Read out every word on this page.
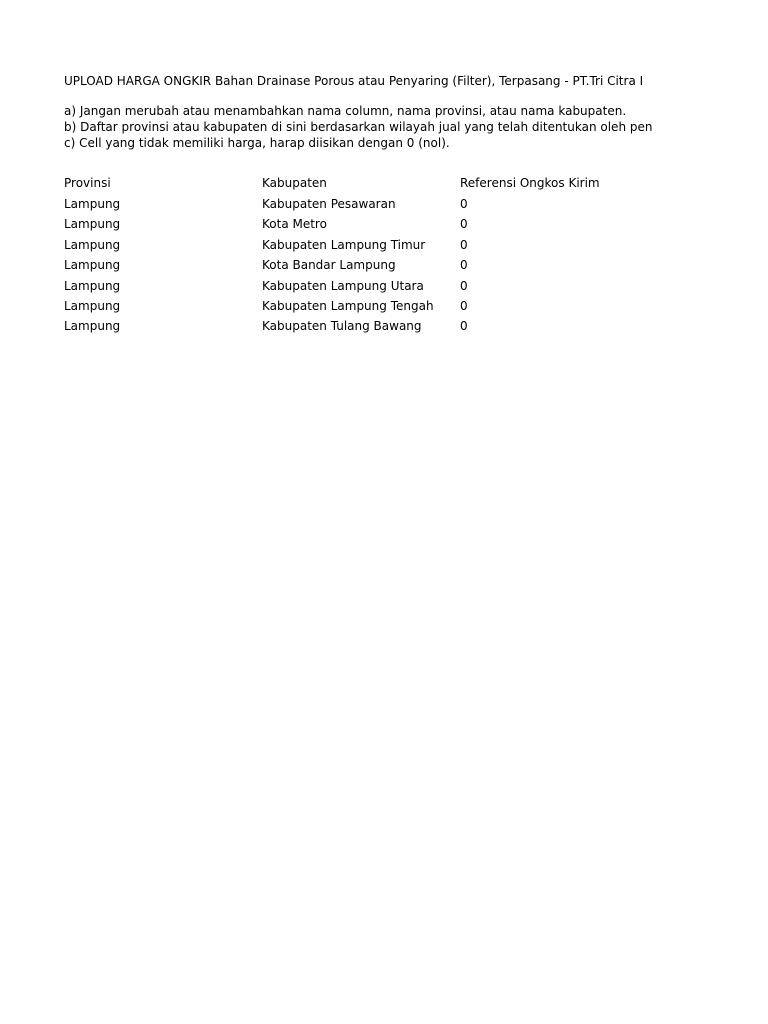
UPLOAD HARGA ONGKIR Bahan Drainase Porous atau Penyaring (Filter), Terpasang - PT.Tri Citra I
a) Jangan merubah atau menambahkan nama column, nama provinsi, atau nama kabupaten.
b) Daftar provinsi atau kabupaten di sini berdasarkan wilayah jual yang telah ditentukan oleh pen
c) Cell yang tidak memiliki harga, harap diisikan dengan 0 (nol).
Provinsi	Kabupaten	Referensi Ongkos Kirim
Lampung	Kabupaten Pesawaran	0
Lampung	Kota Metro	0
Lampung	Kabupaten Lampung Timur	0
Lampung	Kota Bandar Lampung	0
Lampung	Kabupaten Lampung Utara	0
Lampung	Kabupaten Lampung Tengah 0
Lampung	Kabupaten Tulang Bawang	0
